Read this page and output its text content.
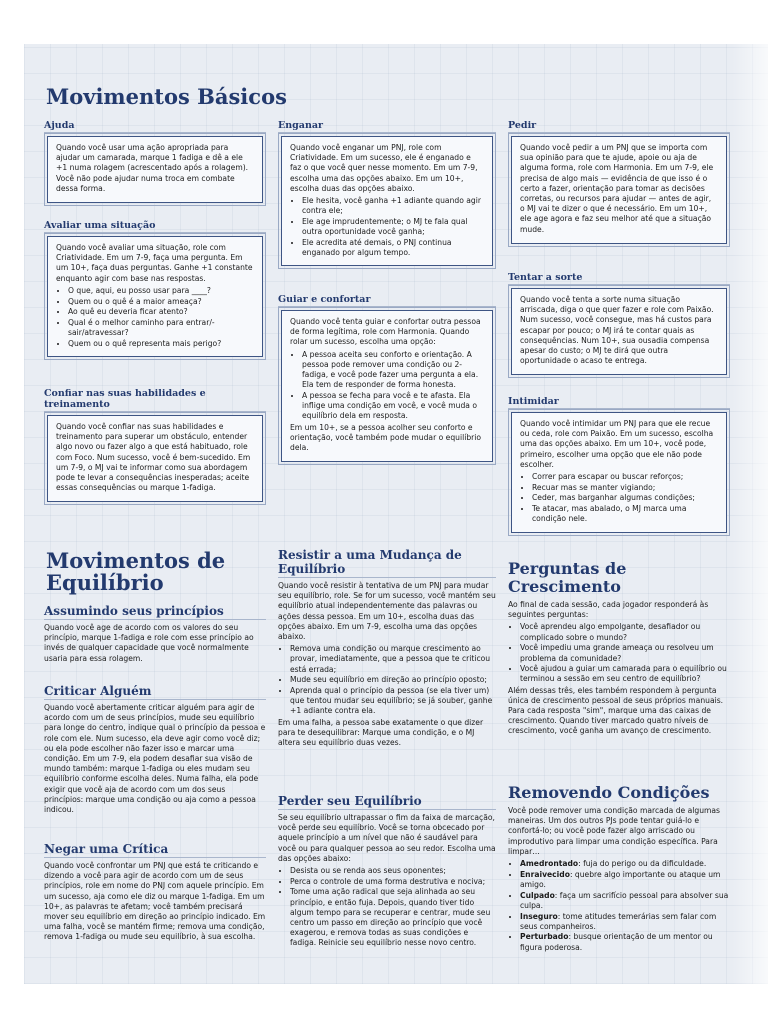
Movimentos Básicos
Ajuda

Quando você usar uma ação apropriada para ajudar um camarada, marque 1 fadiga e dê a ele +1 numa rolagem (acrescentado após a rolagem). Você não pode ajudar numa troca em combate dessa forma.

Avaliar uma situação

Quando você avaliar uma situação, role com Criatividade. Em um 7-9, faça uma pergunta. Em um 10+, faça duas perguntas. Ganhe +1 constante enquanto agir com base nas respostas.

• O que, aqui, eu posso usar para ____?
• Quem ou o quê é a maior ameaça?
• Ao quê eu deveria ficar atento?
• Qual é o melhor caminho para entrar/-sair/atravessar?
• Quem ou o quê representa mais perigo?
Confiar nas suas habilidades e treinamento

Quando você confiar nas suas habilidades e treinamento para superar um obstáculo, entender algo novo ou fazer algo a que está habituado, role com Foco. Num sucesso, você é bem-sucedido. Em um 7-9, o MJ vai te informar como sua abordagem pode te levar a consequências inesperadas; aceite essas consequências ou marque 1-fadiga.

Enganar

Quando você enganar um PNJ, role com Criatividade. Em um sucesso, ele é enganado e faz o que você quer nesse momento. Em um 7-9, escolha uma das opções abaixo. Em um 10+, escolha duas das opções abaixo.

• Ele hesita, você ganha +1 adiante quando agir contra ele;
• Ele age imprudentemente; o MJ te fala qual outra oportunidade você ganha;
• Ele acredita até demais, o PNJ continua enganado por algum tempo.
Guiar e confortar

Quando você tenta guiar e confortar outra pessoa de forma legítima, role com Harmonia. Quando rolar um sucesso, escolha uma opção:

• A pessoa aceita seu conforto e orientação. A pessoa pode remover uma condição ou 2-fadiga, e você pode fazer uma pergunta a ela. Ela tem de responder de forma honesta.
• A pessoa se fecha para você e te afasta. Ela inflige uma condição em você, e você muda o equilíbrio dela em resposta.

Em um 10+, se a pessoa acolher seu conforto e orientação, você também pode mudar o equilíbrio dela.

Pedir

Quando você pedir a um PNJ que se importa com sua opinião para que te ajude, apoie ou aja de alguma forma, role com Harmonia. Em um 7-9, ele precisa de algo mais — evidência de que isso é o certo a fazer, orientação para tomar as decisões corretas, ou recursos para ajudar — antes de agir, o MJ vai te dizer o que é necessário. Em um 10+, ele age agora e faz seu melhor até que a situação mude.

Tentar a sorte

Quando você tenta a sorte numa situação arriscada, diga o que quer fazer e role com Paixão. Num sucesso, você consegue, mas há custos para escapar por pouco; o MJ irá te contar quais as consequências. Num 10+, sua ousadia compensa apesar do custo; o MJ te dirá que outra oportunidade o acaso te entrega.

Intimidar

Quando você intimidar um PNJ para que ele recue ou ceda, role com Paixão. Em um sucesso, escolha uma das opções abaixo. Em um 10+, você pode, primeiro, escolher uma opção que ele não pode escolher.

• Correr para escapar ou buscar reforços;
• Recuar mas se manter vigiando;
• Ceder, mas barganhar algumas condições;
• Te atacar, mas abalado, o MJ marca uma condição nele.
Movimentos de Equilíbrio
Assumindo seus princípios

Quando você age de acordo com os valores do seu princípio, marque 1-fadiga e role com esse princípio ao invés de qualquer capacidade que você normalmente usaria para essa rolagem.

Criticar Alguém

Quando você abertamente criticar alguém para agir de acordo com um de seus princípios, mude seu equilíbrio para longe do centro, indique qual o princípio da pessoa e role com ele. Num sucesso, ela deve agir como você diz; ou ela pode escolher não fazer isso e marcar uma condição. Em um 7-9, ela podem desafiar sua visão de mundo também: marque 1-fadiga ou eles mudam seu equilíbrio conforme escolha deles. Numa falha, ela pode exigir que você aja de acordo com um dos seus princípios: marque uma condição ou aja como a pessoa indicou.

Negar uma Crítica

Quando você confrontar um PNJ que está te criticando e dizendo a você para agir de acordo com um de seus princípios, role em nome do PNJ com aquele princípio. Em um sucesso, aja como ele diz ou marque 1-fadiga. Em um 10+, as palavras te afetam; você também precisará mover seu equilíbrio em direção ao princípio indicado. Em uma falha, você se mantém firme; remova uma condição, remova 1-fadiga ou mude seu equilíbrio, à sua escolha.

Resistir a uma Mudança de Equilíbrio

Quando você resistir à tentativa de um PNJ para mudar seu equilíbrio, role. Se for um sucesso, você mantém seu equilíbrio atual independentemente das palavras ou ações dessa pessoa. Em um 10+, escolha duas das opções abaixo. Em um 7-9, escolha uma das opções abaixo.

• Remova uma condição ou marque crescimento ao provar, imediatamente, que a pessoa que te criticou está errada;
• Mude seu equilíbrio em direção ao princípio oposto;
• Aprenda qual o princípio da pessoa (se ela tiver um) que tentou mudar seu equilíbrio; se já souber, ganhe +1 adiante contra ela.

Em uma falha, a pessoa sabe exatamente o que dizer para te desequilibrar: Marque uma condição, e o MJ altera seu equilíbrio duas vezes.

Perder seu Equilíbrio

Se seu equilíbrio ultrapassar o fim da faixa de marcação, você perde seu equilíbrio. Você se torna obcecado por aquele princípio a um nível que não é saudável para você ou para qualquer pessoa ao seu redor. Escolha uma das opções abaixo:

• Desista ou se renda aos seus oponentes;
• Perca o controle de uma forma destrutiva e nociva;
• Tome uma ação radical que seja alinhada ao seu princípio, e então fuja. Depois, quando tiver tido algum tempo para se recuperar e centrar, mude seu centro um passo em direção ao princípio que você exagerou, e remova todas as suas condições e fadiga. Reinicie seu equilíbrio nesse novo centro.
Perguntas de Crescimento

Ao final de cada sessão, cada jogador responderá às seguintes perguntas:

• Você aprendeu algo empolgante, desafiador ou complicado sobre o mundo?
• Você impediu uma grande ameaça ou resolveu um problema da comunidade?
• Você ajudou a guiar um camarada para o equilíbrio ou terminou a sessão em seu centro de equilíbrio?

Além dessas três, eles também respondem à pergunta única de crescimento pessoal de seus próprios manuais. Para cada resposta "sim", marque uma das caixas de crescimento. Quando tiver marcado quatro níveis de crescimento, você ganha um avanço de crescimento.

Removendo Condições

Você pode remover uma condição marcada de algumas maneiras. Um dos outros PJs pode tentar guiá-lo e confortá-lo; ou você pode fazer algo arriscado ou improdutivo para limpar uma condição específica. Para limpar…

• Amedrontado: fuja do perigo ou da dificuldade.
• Enraivecido: quebre algo importante ou ataque um amigo.
• Culpado: faça um sacrifício pessoal para absolver sua culpa.
• Inseguro: tome atitudes temerárias sem falar com seus companheiros.
• Perturbado: busque orientação de um mentor ou figura poderosa.
